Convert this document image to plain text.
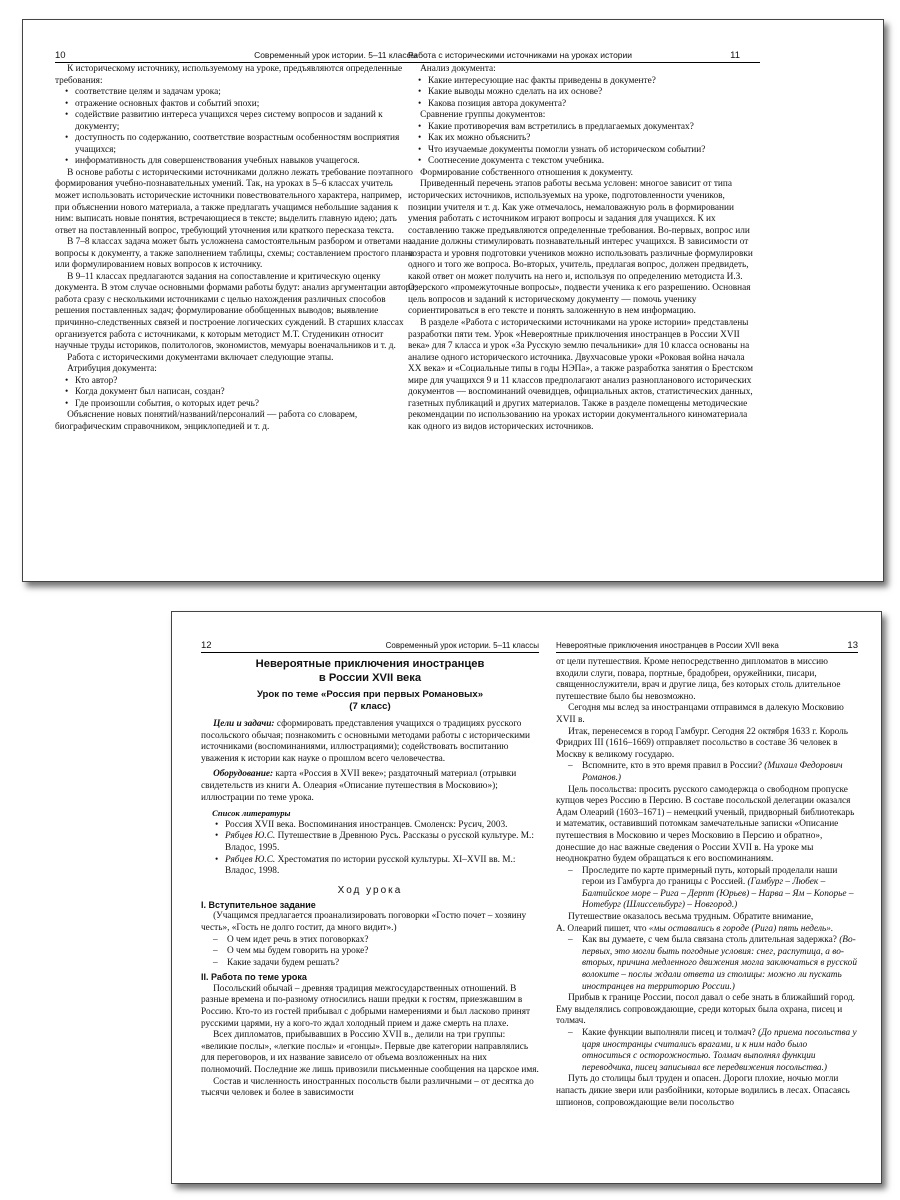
10	Современный урок истории. 5–11 классы

К историческому источнику, используемому на уроке, предъявляются определенные требования:

• соответствие целям и задачам урока;
• отражение основных фактов и событий эпохи;
• содействие развитию интереса учащихся через систему вопросов и заданий к документу;
• доступность по содержанию, соответствие возрастным особенностям восприятия учащихся;
• информативность для совершенствования учебных навыков учащегося.

В основе работы с историческими источниками должно лежать требование поэтапного формирования учебно-познавательных умений. Так, на уроках в 5–6 классах учитель может использовать исторические источники повествовательного характера, например, при объяснении нового материала, а также предлагать учащимся небольшие задания к ним: выписать новые понятия, встречающиеся в тексте; выделить главную идею; дать ответ на поставленный вопрос, требующий уточнения или краткого пересказа текста.

В 7–8 классах задача может быть усложнена самостоятельным разбором и ответами на вопросы к документу, а также заполнением таблицы, схемы; составлением простого плана или формулированием новых вопросов к источнику.

В 9–11 классах предлагаются задания на сопоставление и критическую оценку документа. В этом случае основными формами работы будут: анализ аргументации автора; работа сразу с несколькими источниками с целью нахождения различных способов решения поставленных задач; формулирование обобщенных выводов; выявление причинно-следственных связей и построение логических суждений. В старших классах организуется работа с источниками, к которым методист М.Т. Студеникин относит научные труды историков, политологов, экономистов, мемуары военачальников и т. д.

Работа с историческими документами включает следующие этапы.

Атрибуция документа:

• Кто автор?
• Когда документ был написан, создан?
• Где произошли события, о которых идет речь?

Объяснение новых понятий/названий/персоналий — работа со словарем, биографическим справочником, энциклопедией и т. д.

Работа с историческими источниками на уроках истории	11

Анализ документа:

• Какие интересующие нас факты приведены в документе?
• Какие выводы можно сделать на их основе?
• Какова позиция автора документа?

Сравнение группы документов:

• Какие противоречия вам встретились в предлагаемых документах?
• Как их можно объяснить?
• Что изучаемые документы помогли узнать об историческом событии?
• Соотнесение документа с текстом учебника.

Формирование собственного отношения к документу.

Приведенный перечень этапов работы весьма условен: многое зависит от типа исторических источников, используемых на уроке, подготовленности учеников, позиции учителя и т. д. Как уже отмечалось, немаловажную роль в формировании умения работать с источником играют вопросы и задания для учащихся. К их составлению также предъявляются определенные требования. Во-первых, вопрос или задание должны стимулировать познавательный интерес учащихся. В зависимости от возраста и уровня подготовки учеников можно использовать различные формулировки одного и того же вопроса. Во-вторых, учитель, предлагая вопрос, должен предвидеть, какой ответ он может получить на него и, используя по определению методиста И.З. Озерского «промежуточные вопросы», подвести ученика к его разрешению. Основная цель вопросов и заданий к историческому документу — помочь ученику сориентироваться в его тексте и понять заложенную в нем информацию.

В разделе «Работа с историческими источниками на уроке истории» представлены разработки пяти тем. Урок «Невероятные приключения иностранцев в России XVII века» для 7 класса и урок «За Русскую землю печальники» для 10 класса основаны на анализе одного исторического источника. Двухчасовые уроки «Роковая война начала XX века» и «Социальные типы в годы НЭПа», а также разработка занятия о Брестском мире для учащихся 9 и 11 классов предполагают анализ разнопланового исторических документов — воспоминаний очевидцев, официальных актов, статистических данных, газетных публикаций и других материалов. Также в разделе помещены методические рекомендации по использованию на уроках истории документального киноматериала как одного из видов исторических источников.

12	Современный урок истории. 5–11 классы
Невероятные приключения иностранцев
в России XVII века
Урок по теме «Россия при первых Романовых»
(7 класс)

Цели и задачи: сформировать представления учащихся о традициях русского посольского обычая; познакомить с основными методами работы с историческими источниками (воспоминаниями, иллюстрациями); содействовать воспитанию уважения к истории как науке о прошлом всего человечества.

Оборудование: карта «Россия в XVII веке»; раздаточный материал (отрывки свидетельств из книги А. Олеария «Описание путешествия в Московию»); иллюстрации по теме урока.

Список литературы

• Россия XVII века. Воспоминания иностранцев. Смоленск: Русич, 2003.
• Рябцев Ю.С. Путешествие в Древнюю Русь. Рассказы о русской культуре. М.: Владос, 1995.
• Рябцев Ю.С. Хрестоматия по истории русской культуры. XI–XVII вв. М.: Владос, 1998.
Ход урока
I. Вступительное задание

(Учащимся предлагается проанализировать поговорки «Гостю почет – хозяину честь», «Гость не долго гостит, да много видит».)

– О чем идет речь в этих поговорках?
– О чем мы будем говорить на уроке?
– Какие задачи будем решать?
II. Работа по теме урока

Посольский обычай – древняя традиция межгосударственных отношений. В разные времена и по-разному относились наши предки к гостям, приезжавшим в Россию. Кто-то из гостей прибывал с добрыми намерениями и был ласково принят русскими царями, ну а кого-то ждал холодный прием и даже смерть на плахе.

Всех дипломатов, прибывавших в Россию XVII в., делили на три группы: «великие послы», «легкие послы» и «гонцы». Первые две категории направлялись для переговоров, и их название зависело от объема возложенных на них полномочий. Последние же лишь привозили письменные сообщения на царское имя.

Состав и численность иностранных посольств были различными – от десятка до тысячи человек и более в зависимости

Невероятные приключения иностранцев в России XVII века	13

от цели путешествия. Кроме непосредственно дипломатов в миссию входили слуги, повара, портные, брадобреи, оружейники, писари, священнослужители, врач и другие лица, без которых столь длительное путешествие было бы невозможно.

Сегодня мы вслед за иностранцами отправимся в далекую Московию XVII в.

Итак, перенесемся в город Гамбург. Сегодня 22 октября 1633 г. Король Фридрих III (1616–1669) отправляет посольство в составе 36 человек в Москву к великому государю.

– Вспомните, кто в это время правил в России? (Михаил Федорович Романов.)

Цель посольства: просить русского самодержца о свободном пропуске купцов через Россию в Персию. В составе посольской делегации оказался Адам Олеарий (1603–1671) – немецкий ученый, придворный библиотекарь и математик, оставивший потомкам замечательные записки «Описание путешествия в Московию и через Московию в Персию и обратно», донесшие до нас важные сведения о России XVII в. На уроке мы неоднократно будем обращаться к его воспоминаниям.

– Проследите по карте примерный путь, который проделали наши герои из Гамбурга до границы с Россией. (Гамбург – Любек – Балтийское море – Рига – Дерпт (Юрьев) – Нарва – Ям – Копорье – Нотебург (Шлиссельбург) – Новгород.)

Путешествие оказалось весьма трудным. Обратите внимание,

А. Олеарий пишет, что «мы оставались в городе (Рига) пять недель».

– Как вы думаете, с чем была связана столь длительная задержка? (Во-первых, это могли быть погодные условия: снег, распутица, а во-вторых, причина медленного движения могла заключаться в русской волоките – послы ждали ответа из столицы: можно ли пускать иностранцев на территорию России.)

Прибыв к границе России, посол давал о себе знать в ближайший город. Ему выделялись сопровождающие, среди которых была охрана, писец и толмач.

– Какие функции выполняли писец и толмач? (До приема посольства у царя иностранцы считались врагами, и к ним надо было относиться с осторожностью. Толмач выполнял функции переводчика, писец записывал все передвижения посольства.)

Путь до столицы был труден и опасен. Дороги плохие, ночью могли напасть дикие звери или разбойники, которые водились в лесах. Опасаясь шпионов, сопровождающие вели посольство
